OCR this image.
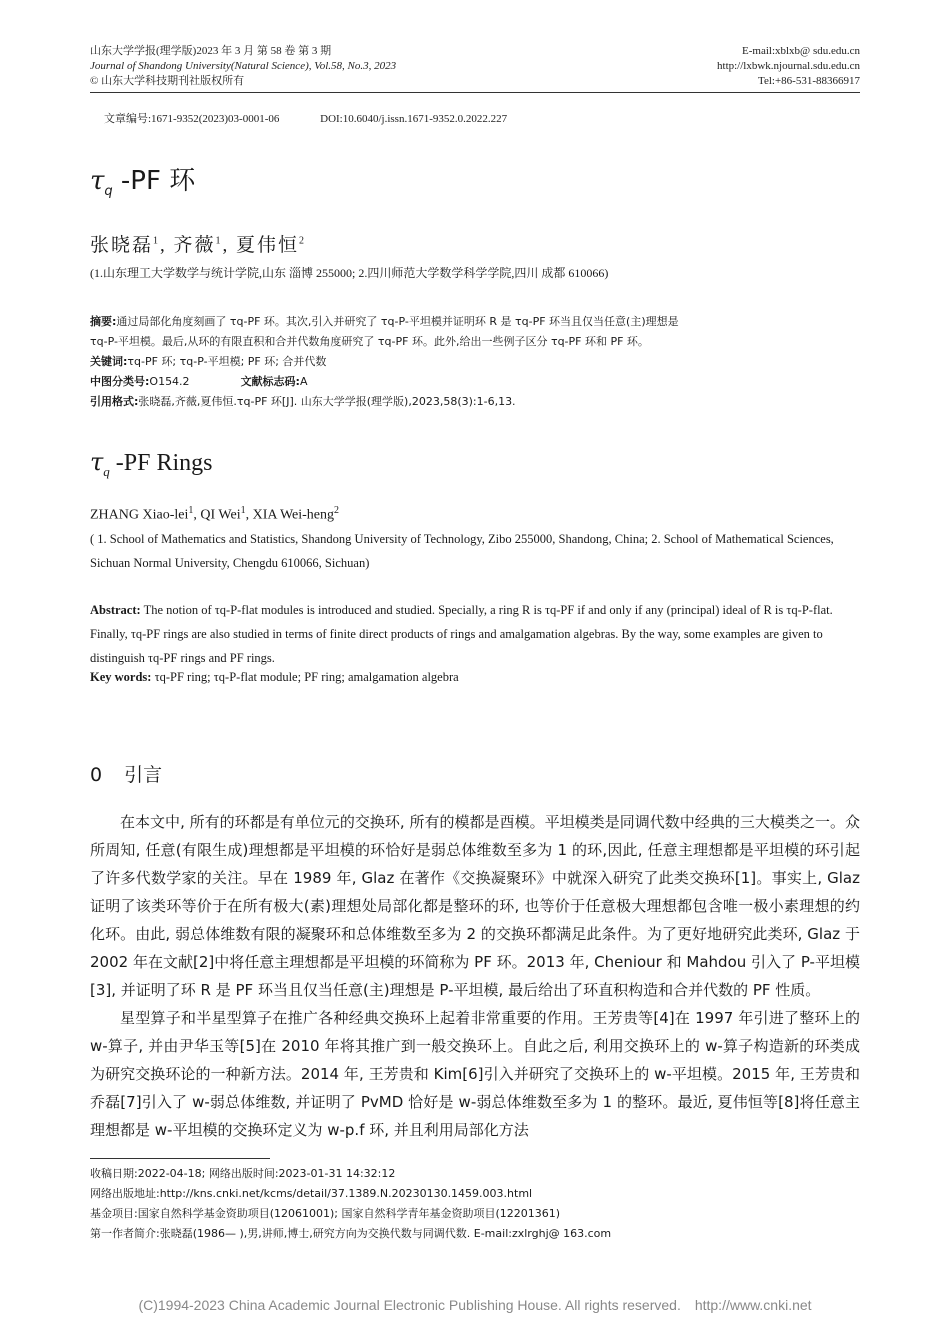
山东大学学报(理学版)2023 年 3 月 第 58 卷 第 3 期
Journal of Shandong University(Natural Science), Vol.58, No.3, 2023
© 山东大学科技期刊社版权所有
E-mail:xblxb@ sdu.edu.cn
http://lxbwk.njournal.sdu.edu.cn
Tel:+86-531-88366917
文章编号:1671-9352(2023)03-0001-06	DOI:10.6040/j.issn.1671-9352.0.2022.227
$\tau_q$ -PF 环
张晓磊$^1$, 齐薇$^1$, 夏伟恒$^2$
(1.山东理工大学数学与统计学院,山东 淄博 255000; 2.四川师范大学数学科学学院,四川 成都 610066)
摘要:通过局部化角度刻画了 τq-PF 环。其次,引入并研究了 τq-P-平坦模并证明环 R 是 τq-PF 环当且仅当任意(主)理想是
τq-P-平坦模。最后,从环的有限直积和合并代数角度研究了 τq-PF 环。此外,给出一些例子区分 τq-PF 环和 PF 环。
关键词:τq-PF 环; τq-P-平坦模; PF 环; 合并代数
中图分类号:O154.2	文献标志码:A
引用格式:张晓磊,齐薇,夏伟恒.τq-PF 环[J]. 山东大学学报(理学版),2023,58(3):1-6,13.
$\tau_q$ -PF Rings
ZHANG Xiao-lei$^1$, QI Wei$^1$, XIA Wei-heng$^2$
( 1. School of Mathematics and Statistics, Shandong University of Technology, Zibo 255000, Shandong, China; 2. School of Mathematical Sciences, Sichuan Normal University, Chengdu 610066, Sichuan)
Abstract: The notion of τq-P-flat modules is introduced and studied. Specially, a ring R is τq-PF if and only if any (principal) ideal of R is τq-P-flat. Finally, τq-PF rings are also studied in terms of finite direct products of rings and amalgamation algebras. By the way, some examples are given to distinguish τq-PF rings and PF rings.
Key words: τq-PF ring; τq-P-flat module; PF ring; amalgamation algebra
0 引言

在本文中, 所有的环都是有单位元的交换环, 所有的模都是酉模。平坦模类是同调代数中经典的三大模类之一。众所周知, 任意(有限生成)理想都是平坦模的环恰好是弱总体维数至多为 1 的环,因此, 任意主理想都是平坦模的环引起了许多代数学家的关注。早在 1989 年, Glaz 在著作《交换凝聚环》中就深入研究了此类交换环[1]。事实上, Glaz 证明了该类环等价于在所有极大(素)理想处局部化都是整环的环, 也等价于任意极大理想都包含唯一极小素理想的约化环。由此, 弱总体维数有限的凝聚环和总体维数至多为 2 的交换环都满足此条件。为了更好地研究此类环, Glaz 于 2002 年在文献[2]中将任意主理想都是平坦模的环简称为 PF 环。2013 年, Cheniour 和 Mahdou 引入了 P-平坦模[3], 并证明了环 R 是 PF 环当且仅当任意(主)理想是 P-平坦模, 最后给出了环直积构造和合并代数的 PF 性质。

星型算子和半星型算子在推广各种经典交换环上起着非常重要的作用。王芳贵等[4]在 1997 年引进了整环上的 w-算子, 并由尹华玉等[5]在 2010 年将其推广到一般交换环上。自此之后, 利用交换环上的 w-算子构造新的环类成为研究交换环论的一种新方法。2014 年, 王芳贵和 Kim[6]引入并研究了交换环上的 w-平坦模。2015 年, 王芳贵和乔磊[7]引入了 w-弱总体维数, 并证明了 PvMD 恰好是 w-弱总体维数至多为 1 的整环。最近, 夏伟恒等[8]将任意主理想都是 w-平坦模的交换环定义为 w-p.f 环, 并且利用局部化方法

收稿日期:2022-04-18; 网络出版时间:2023-01-31 14:32:12
网络出版地址:http://kns.cnki.net/kcms/detail/37.1389.N.20230130.1459.003.html
基金项目:国家自然科学基金资助项目(12061001); 国家自然科学青年基金资助项目(12201361)
第一作者简介:张晓磊(1986— ),男,讲师,博士,研究方向为交换代数与同调代数. E-mail:zxlrghj@ 163.com
(C)1994-2023 China Academic Journal Electronic Publishing House. All rights reserved. http://www.cnki.net
